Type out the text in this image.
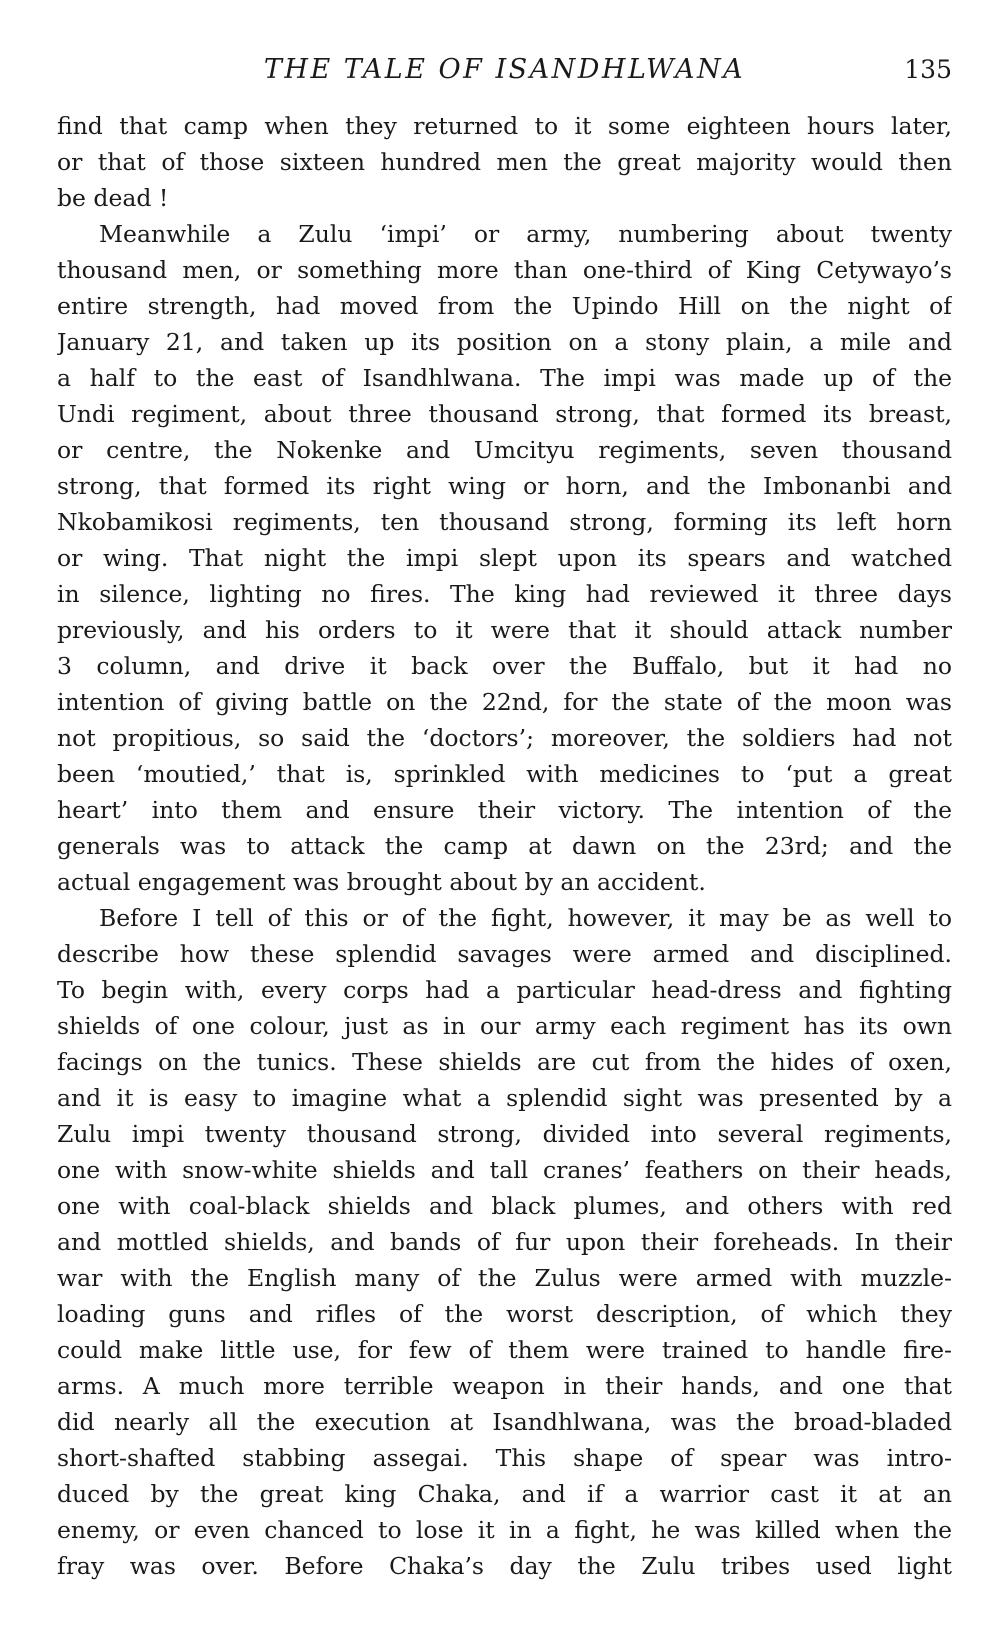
THE TALE OF ISANDHLWANA	135
find that camp when they returned to it some eighteen hours later,
or that of those sixteen hundred men the great majority would then
be dead !
Meanwhile a Zulu ‘impi’ or army, numbering about twenty
thousand men, or something more than one-third of King Cetywayo’s
entire strength, had moved from the Upindo Hill on the night of
January 21, and taken up its position on a stony plain, a mile and
a half to the east of Isandhlwana. The impi was made up of the
Undi regiment, about three thousand strong, that formed its breast,
or centre, the Nokenke and Umcityu regiments, seven thousand
strong, that formed its right wing or horn, and the Imbonanbi and
Nkobamikosi regiments, ten thousand strong, forming its left horn
or wing. That night the impi slept upon its spears and watched
in silence, lighting no fires. The king had reviewed it three days
previously, and his orders to it were that it should attack number
3 column, and drive it back over the Buffalo, but it had no
intention of giving battle on the 22nd, for the state of the moon was
not propitious, so said the ‘doctors’; moreover, the soldiers had not
been ‘moutied,’ that is, sprinkled with medicines to ‘put a great
heart’ into them and ensure their victory. The intention of the
generals was to attack the camp at dawn on the 23rd; and the
actual engagement was brought about by an accident.
Before I tell of this or of the fight, however, it may be as well to
describe how these splendid savages were armed and disciplined.
To begin with, every corps had a particular head-dress and fighting
shields of one colour, just as in our army each regiment has its own
facings on the tunics. These shields are cut from the hides of oxen,
and it is easy to imagine what a splendid sight was presented by a
Zulu impi twenty thousand strong, divided into several regiments,
one with snow-white shields and tall cranes’ feathers on their heads,
one with coal-black shields and black plumes, and others with red
and mottled shields, and bands of fur upon their foreheads. In their
war with the English many of the Zulus were armed with muzzle-
loading guns and rifles of the worst description, of which they
could make little use, for few of them were trained to handle fire-
arms. A much more terrible weapon in their hands, and one that
did nearly all the execution at Isandhlwana, was the broad-bladed
short-shafted stabbing assegai. This shape of spear was intro-
duced by the great king Chaka, and if a warrior cast it at an
enemy, or even chanced to lose it in a fight, he was killed when the
fray was over. Before Chaka’s day the Zulu tribes used light
